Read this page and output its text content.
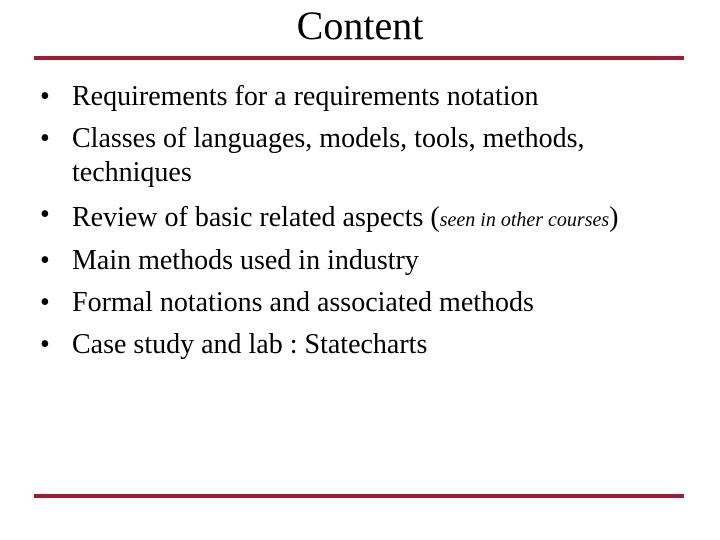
Content
• Requirements for a requirements notation
• Classes of languages, models, tools, methods, techniques
• Review of basic related aspects (seen in other courses)
• Main methods used in industry
• Formal notations and associated methods
• Case study and lab : Statecharts
